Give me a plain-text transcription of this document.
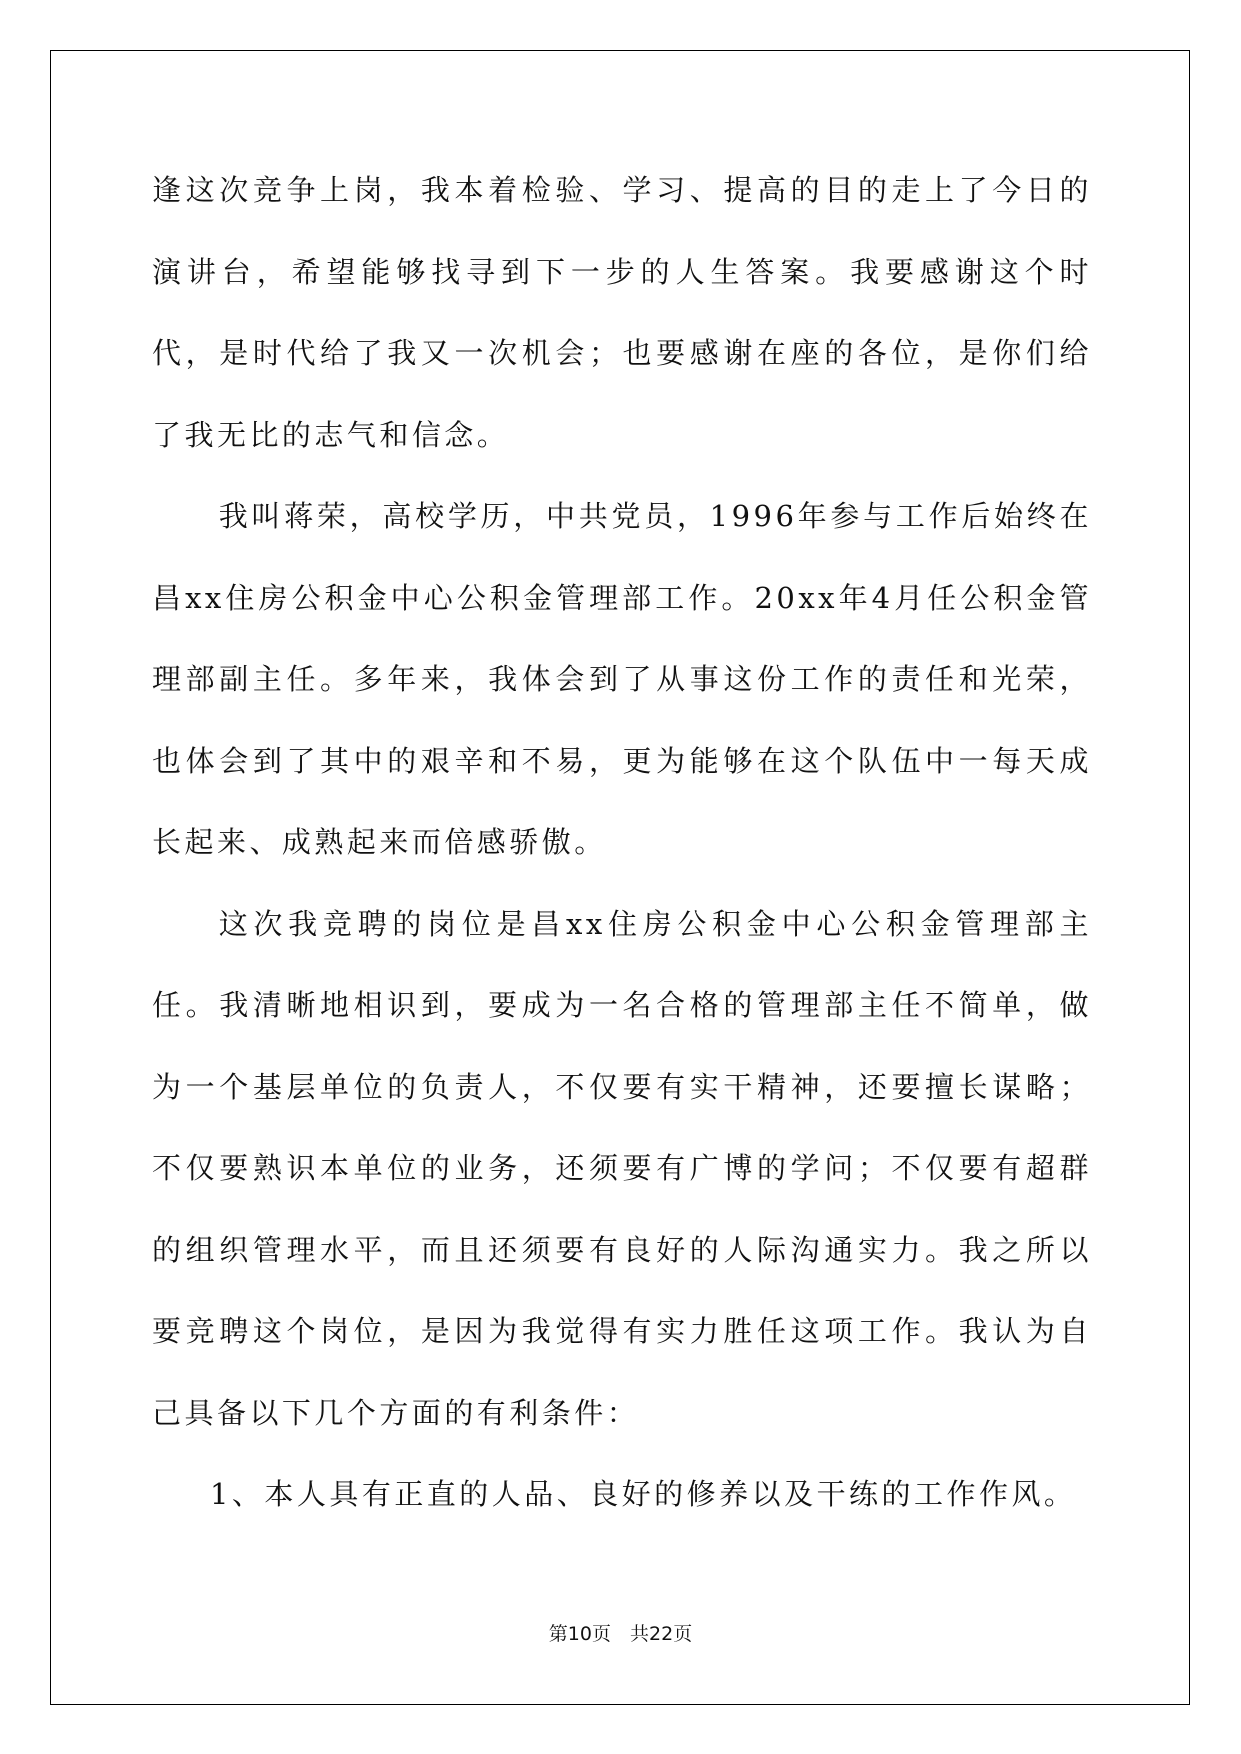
逢这次竞争上岗，我本着检验、学习、提高的目的走上了今日的演讲台，希望能够找寻到下一步的人生答案。我要感谢这个时代，是时代给了我又一次机会；也要感谢在座的各位，是你们给了我无比的志气和信念。

我叫蒋荣，高校学历，中共党员，1996年参与工作后始终在昌xx住房公积金中心公积金管理部工作。20xx年4月任公积金管理部副主任。多年来，我体会到了从事这份工作的责任和光荣，也体会到了其中的艰辛和不易，更为能够在这个队伍中一每天成长起来、成熟起来而倍感骄傲。

这次我竞聘的岗位是昌xx住房公积金中心公积金管理部主任。我清晰地相识到，要成为一名合格的管理部主任不简单，做为一个基层单位的负责人，不仅要有实干精神，还要擅长谋略；不仅要熟识本单位的业务，还须要有广博的学问；不仅要有超群的组织管理水平，而且还须要有良好的人际沟通实力。我之所以要竞聘这个岗位，是因为我觉得有实力胜任这项工作。我认为自己具备以下几个方面的有利条件：

1、本人具有正直的人品、良好的修养以及干练的工作作风。

第10页　共22页
